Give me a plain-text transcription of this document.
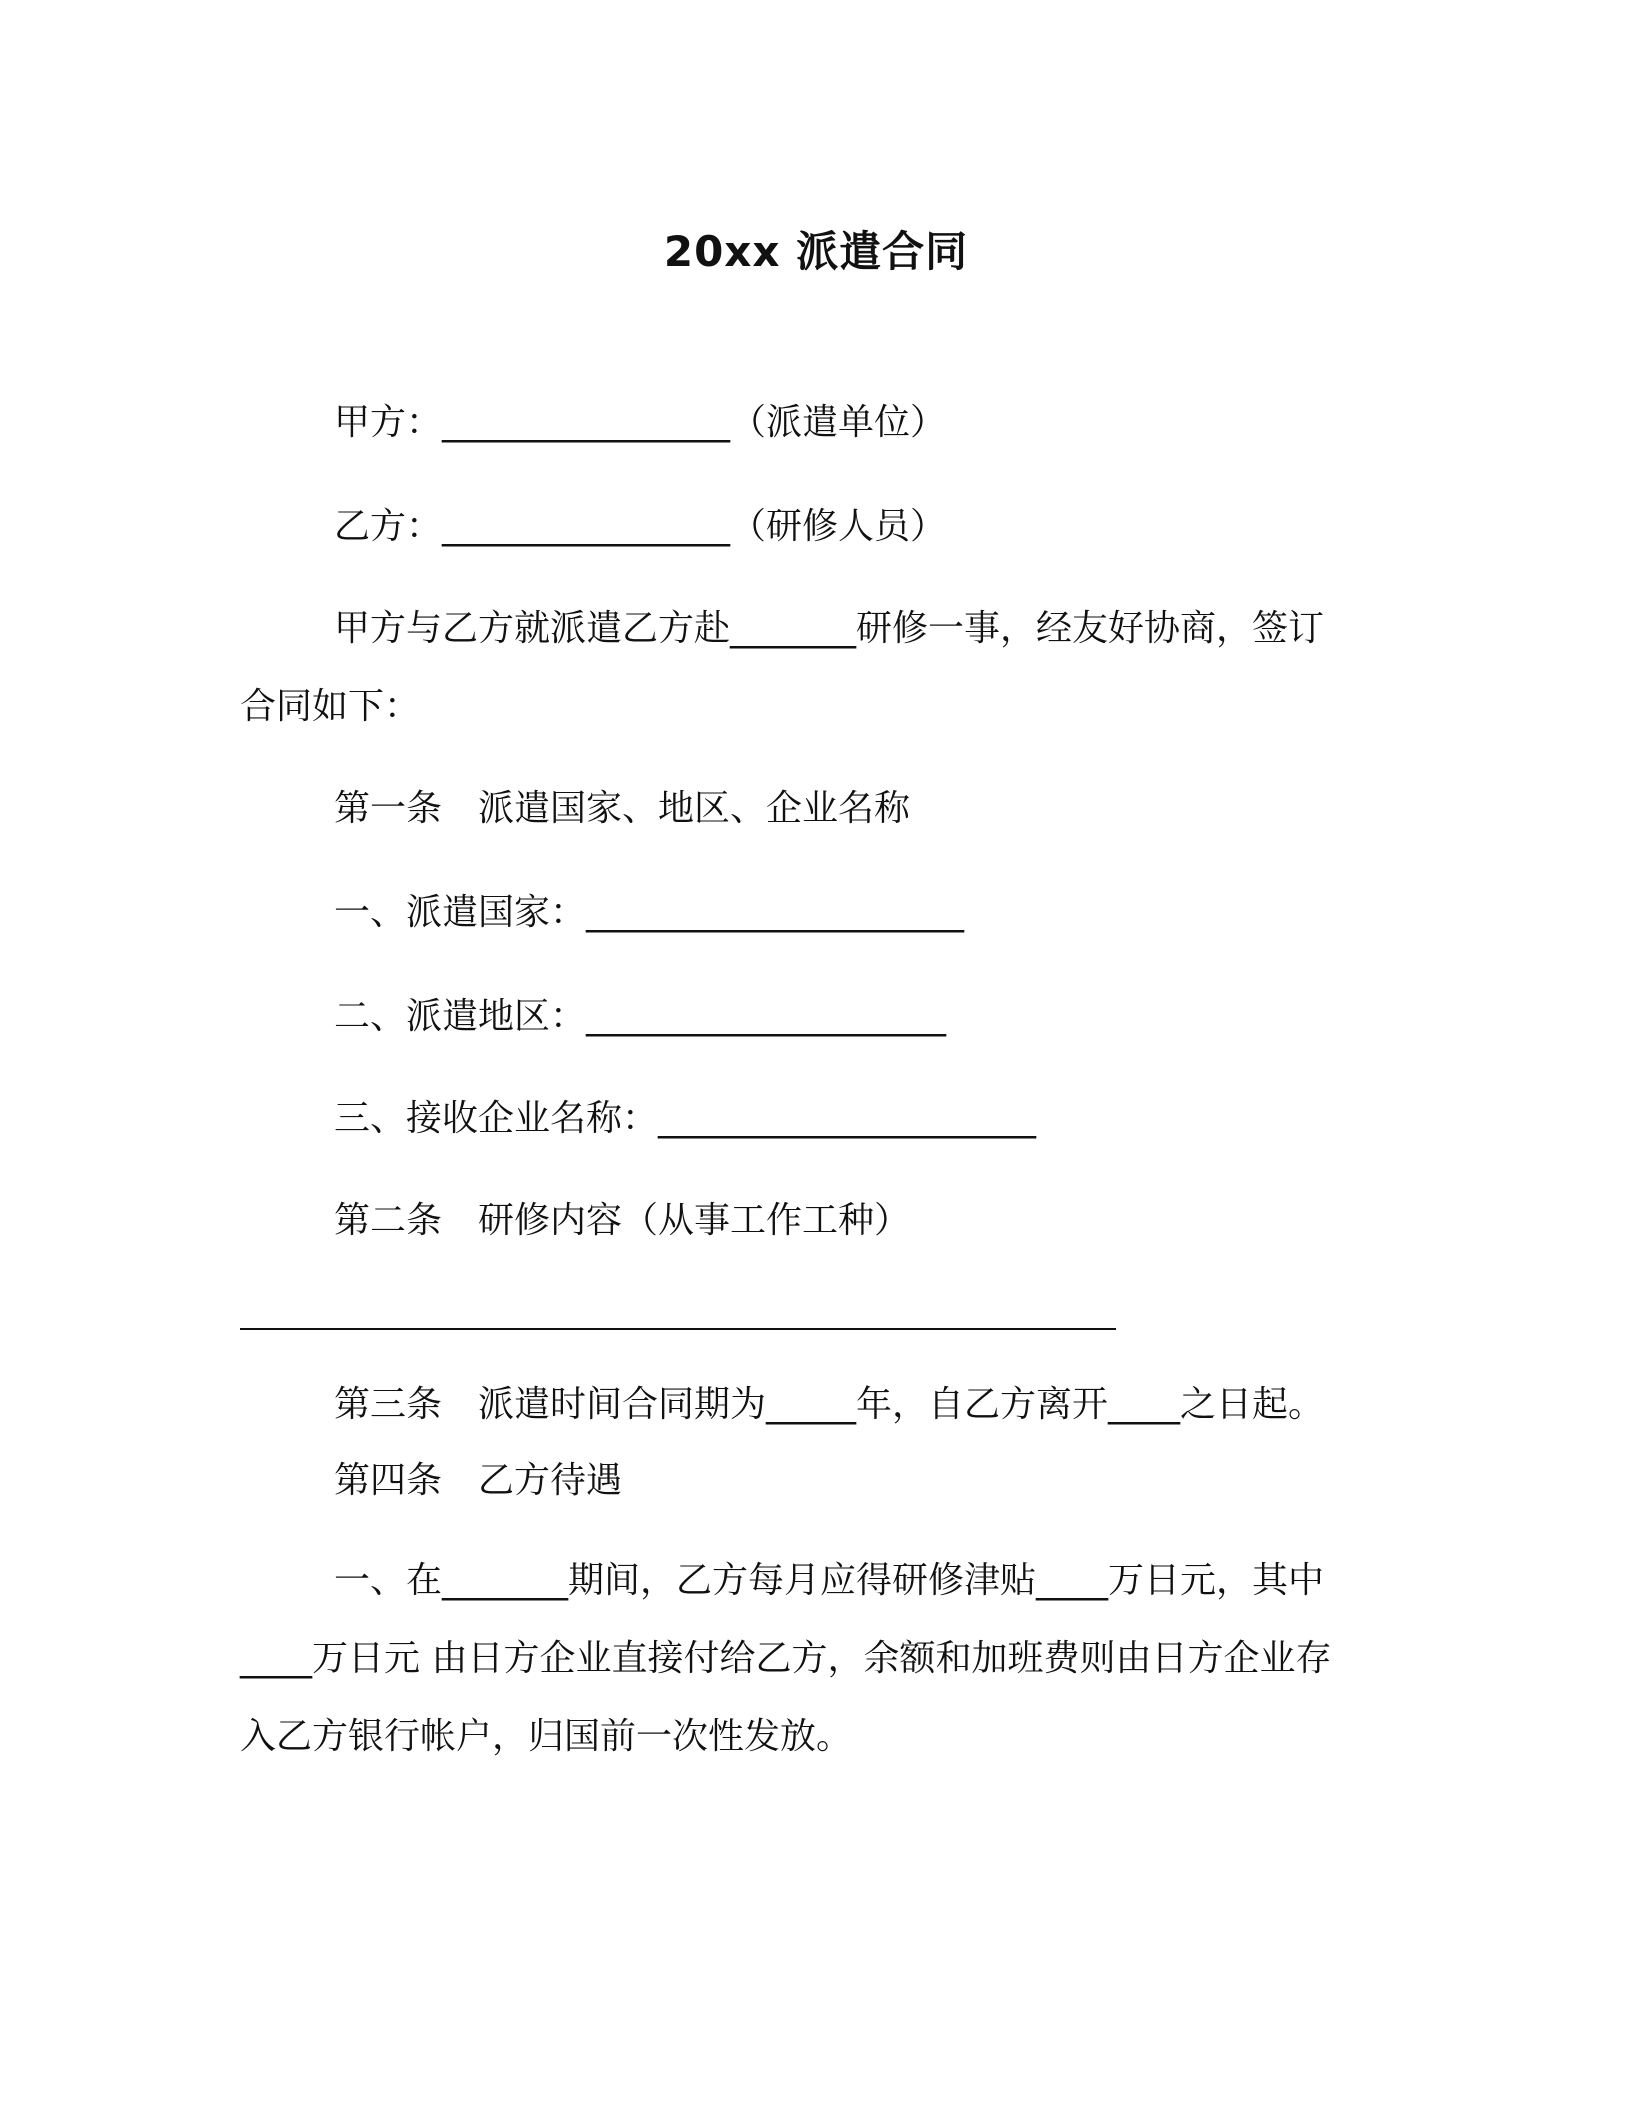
20xx 派遣合同
甲方：________________（派遣单位）
乙方：________________（研修人员）
甲方与乙方就派遣乙方赴_______研修一事，经友好协商，签订
合同如下：
第一条　派遣国家、地区、企业名称
一、派遣国家：_____________________
二、派遣地区：____________________
三、接收企业名称：_____________________
第二条　研修内容（从事工作工种）
第三条　派遣时间合同期为_____年，自乙方离开____之日起。
第四条　乙方待遇
一、在_______期间，乙方每月应得研修津贴____万日元，其中
____万日元 由日方企业直接付给乙方，余额和加班费则由日方企业存
入乙方银行帐户，归国前一次性发放。
